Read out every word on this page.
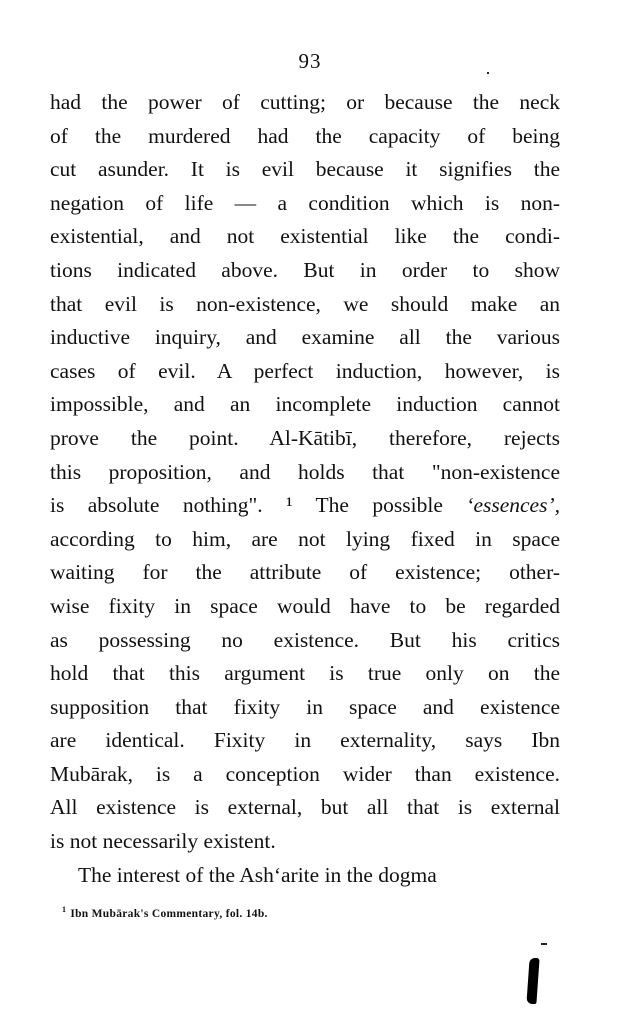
93
had the power of cutting; or because the neck
of the murdered had the capacity of being
cut asunder. It is evil because it signifies the
negation of life — a condition which is non-
existential, and not existential like the condi-
tions indicated above. But in order to show
that evil is non-existence, we should make an
inductive inquiry, and examine all the various
cases of evil. A perfect induction, however, is
impossible, and an incomplete induction cannot
prove the point. Al-Kātibī, therefore, rejects
this proposition, and holds that "non-existence
is absolute nothing". ¹ The possible ‘essences’,
according to him, are not lying fixed in space
waiting for the attribute of existence; other-
wise fixity in space would have to be regarded
as possessing no existence. But his critics
hold that this argument is true only on the
supposition that fixity in space and existence
are identical. Fixity in externality, says Ibn
Mubārak, is a conception wider than existence.
All existence is external, but all that is external
is not necessarily existent.
The interest of the Ash‘arite in the dogma
$^1$ Ibn Mubārak's Commentary, fol. 14b.
